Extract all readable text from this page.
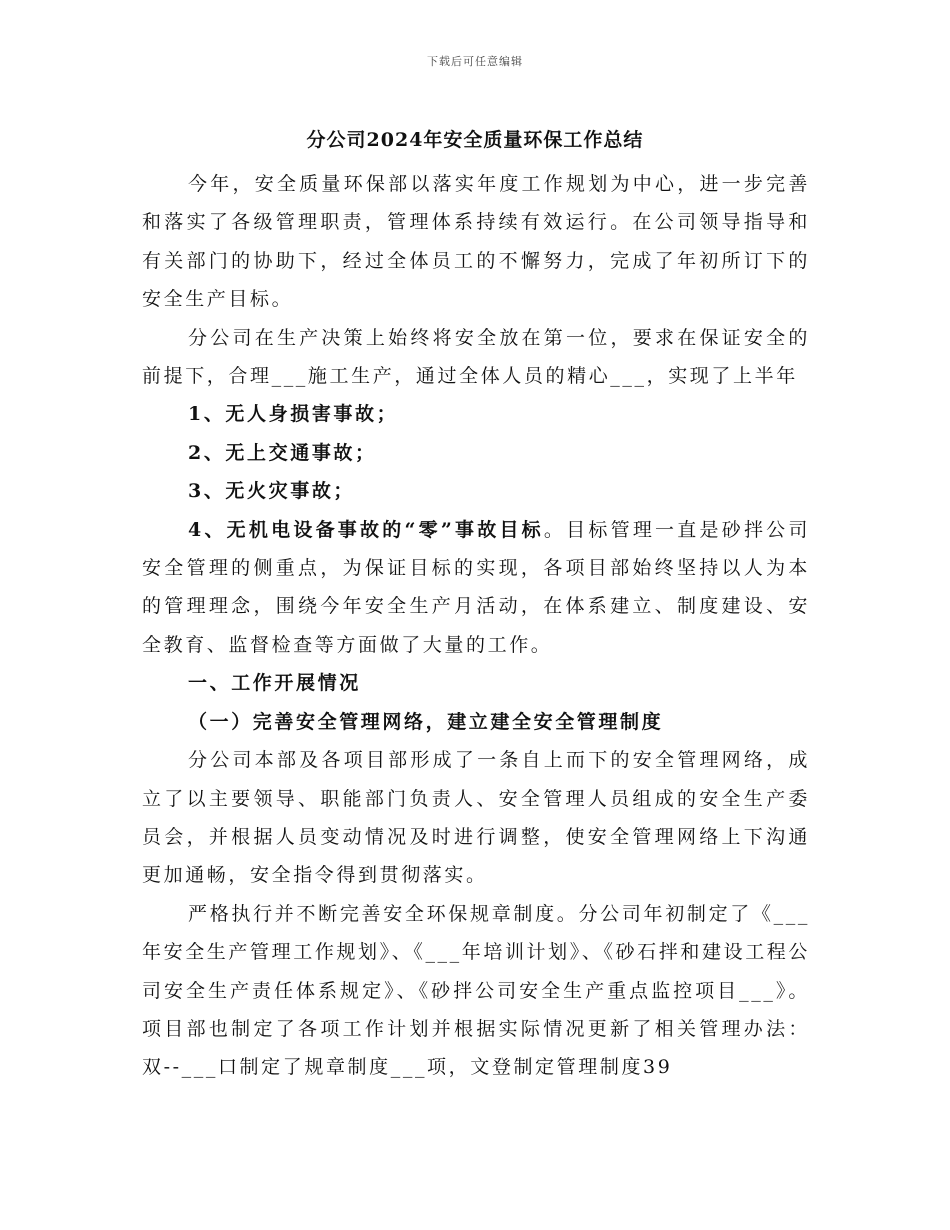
下载后可任意编辑
分公司2024年安全质量环保工作总结

今年，安全质量环保部以落实年度工作规划为中心，进一步完善和落实了各级管理职责，管理体系持续有效运行。在公司领导指导和有关部门的协助下，经过全体员工的不懈努力，完成了年初所订下的安全生产目标。

分公司在生产决策上始终将安全放在第一位，要求在保证安全的前提下，合理___施工生产，通过全体人员的精心___，实现了上半年

1、无人身损害事故；

2、无上交通事故；

3、无火灾事故；

4、无机电设备事故的“零”事故目标。目标管理一直是砂拌公司安全管理的侧重点，为保证目标的实现，各项目部始终坚持以人为本的管理理念，围绕今年安全生产月活动，在体系建立、制度建设、安全教育、监督检查等方面做了大量的工作。

一、工作开展情况

（一）完善安全管理网络，建立建全安全管理制度

分公司本部及各项目部形成了一条自上而下的安全管理网络，成立了以主要领导、职能部门负责人、安全管理人员组成的安全生产委员会，并根据人员变动情况及时进行调整，使安全管理网络上下沟通更加通畅，安全指令得到贯彻落实。

严格执行并不断完善安全环保规章制度。分公司年初制定了《___年安全生产管理工作规划》、《___年培训计划》、《砂石拌和建设工程公司安全生产责任体系规定》、《砂拌公司安全生产重点监控项目___》。项目部也制定了各项工作计划并根据实际情况更新了相关管理办法：双--___口制定了规章制度___项，文登制定管理制度39
